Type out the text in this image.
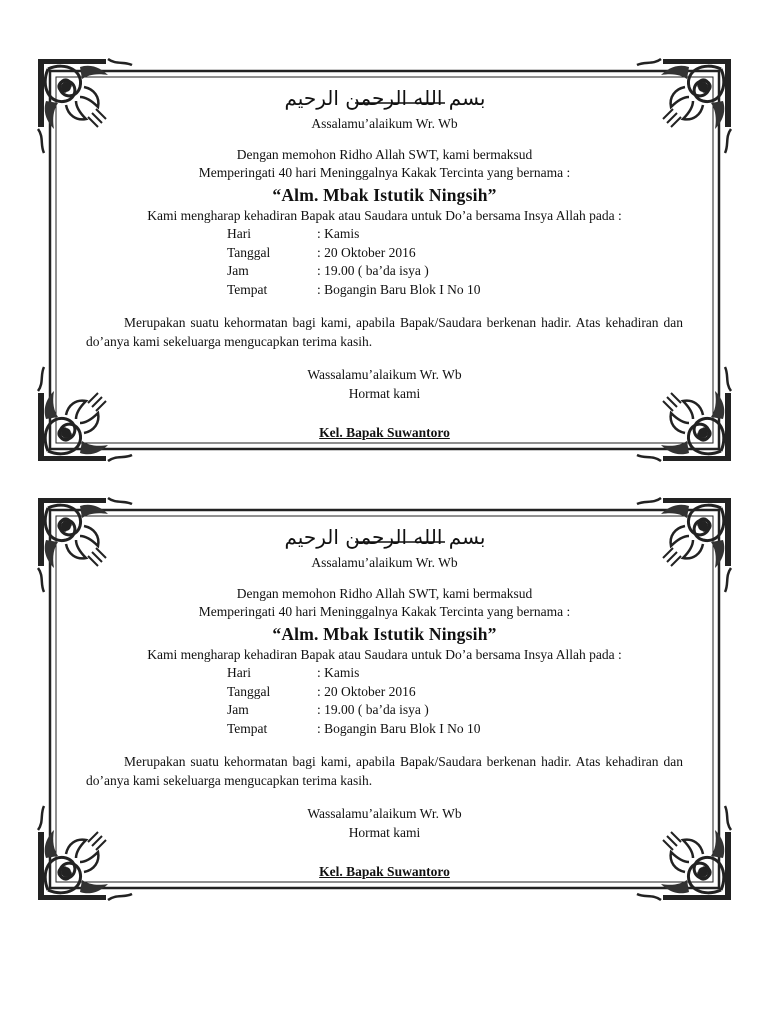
بسم الله الرحمن الرحيم
Assalamu’alaikum Wr. Wb
Dengan memohon Ridho Allah SWT, kami bermaksud
Memperingati 40 hari Meninggalnya Kakak Tercinta yang bernama :
“Alm. Mbak Istutik Ningsih”
Kami mengharap kehadiran Bapak atau Saudara untuk Do’a bersama Insya Allah pada :
Hari	: Kamis
Tanggal	: 20 Oktober 2016
Jam	: 19.00 ( ba’da isya )
Tempat	: Bogangin Baru Blok I No 10
Merupakan suatu kehormatan bagi kami, apabila Bapak/Saudara berkenan hadir. Atas kehadiran dan do’anya kami sekeluarga mengucapkan terima kasih.
Wassalamu’alaikum Wr. Wb
Hormat kami
Kel. Bapak Suwantoro
بسم الله الرحمن الرحيم
Assalamu’alaikum Wr. Wb
Dengan memohon Ridho Allah SWT, kami bermaksud
Memperingati 40 hari Meninggalnya Kakak Tercinta yang bernama :
“Alm. Mbak Istutik Ningsih”
Kami mengharap kehadiran Bapak atau Saudara untuk Do’a bersama Insya Allah pada :
Hari	: Kamis
Tanggal	: 20 Oktober 2016
Jam	: 19.00 ( ba’da isya )
Tempat	: Bogangin Baru Blok I No 10
Merupakan suatu kehormatan bagi kami, apabila Bapak/Saudara berkenan hadir. Atas kehadiran dan do’anya kami sekeluarga mengucapkan terima kasih.
Wassalamu’alaikum Wr. Wb
Hormat kami
Kel. Bapak Suwantoro
